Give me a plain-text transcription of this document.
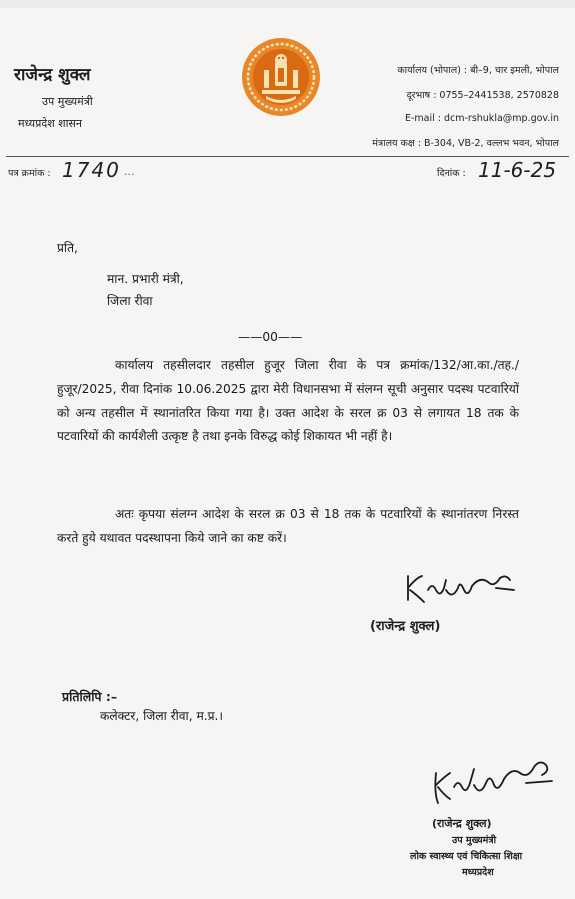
राजेन्द्र शुक्ल
उप मुख्यमंत्री
मध्यप्रदेश शासन
कार्यालय (भोपाल) : बी–9, चार इमली, भोपाल
दूरभाष : 0755–2441538, 2570828
E-mail : dcm-rshukla@mp.gov.in
मंत्रालय कक्ष : B-304, VB-2, वल्लभ भवन, भोपाल
पत्र क्रमांक : 1740 ···	दिनांक : 11-6-25
प्रति,
मान. प्रभारी मंत्री,
जिला रीवा
——00——
कार्यालय तहसीलदार तहसील हुजूर जिला रीवा के पत्र क्रमांक/132/आ.का./तह./हुजूर/2025, रीवा दिनांक 10.06.2025 द्वारा मेरी विधानसभा में संलग्न सूची अनुसार पदस्थ पटवारियों को अन्य तहसील में स्थानांतरित किया गया है। उक्त आदेश के सरल क्र 03 से लगायत 18 तक के पटवारियों की कार्यशैली उत्कृष्ट है तथा इनके विरुद्ध कोई शिकायत भी नहीं है।
अतः कृपया संलग्न आदेश के सरल क्र 03 से 18 तक के पटवारियों के स्थानांतरण निरस्त करते हुये यथावत पदस्थापना किये जाने का कष्ट करें।
(राजेन्द्र शुक्ल)
प्रतिलिपि :–
कलेक्टर, जिला रीवा, म.प्र.।
(राजेन्द्र शुक्ल)
उप मुख्यमंत्री
लोक स्वास्थ्य एवं चिकित्सा शिक्षा
मध्यप्रदेश
